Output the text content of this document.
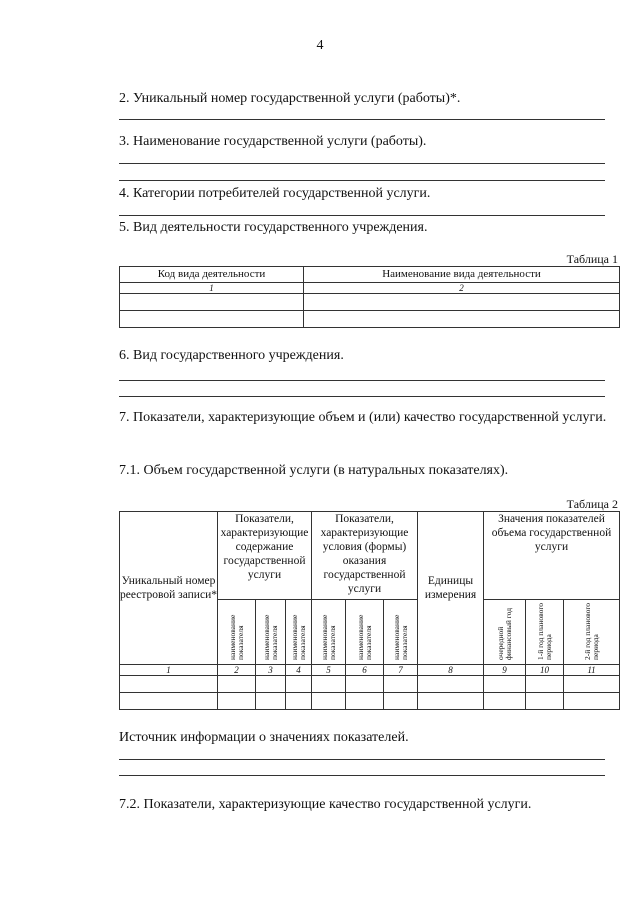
4
2. Уникальный номер государственной услуги (работы)*.
3. Наименование государственной услуги (работы).
4. Категории потребителей государственной услуги.
5. Вид деятельности государственного учреждения.
Таблица 1
Код вида деятельности	Наименование вида деятельности
1	2

6. Вид государственного учреждения.
7. Показатели, характеризующие объем и (или) качество государственной услуги.
7.1. Объем государственной услуги (в натуральных показателях).
Таблица 2
Уникальный номер реестровой записи*	Показатели, характеризующие содержание государственной услуги			Показатели, характеризующие условия (формы) оказания государственной услуги			Единицы измерения	Значения показателей объема государственной услуги		
	наименование показателя	наименование показателя	наименование показателя	наименование показателя	наименование показателя	наименование показателя		очередной финансовый год	1-й год планового периода	2-й год планового периода
1	2	3	4	5	6	7	8	9	10	11

Источник информации о значениях показателей.
7.2. Показатели, характеризующие качество государственной услуги.
